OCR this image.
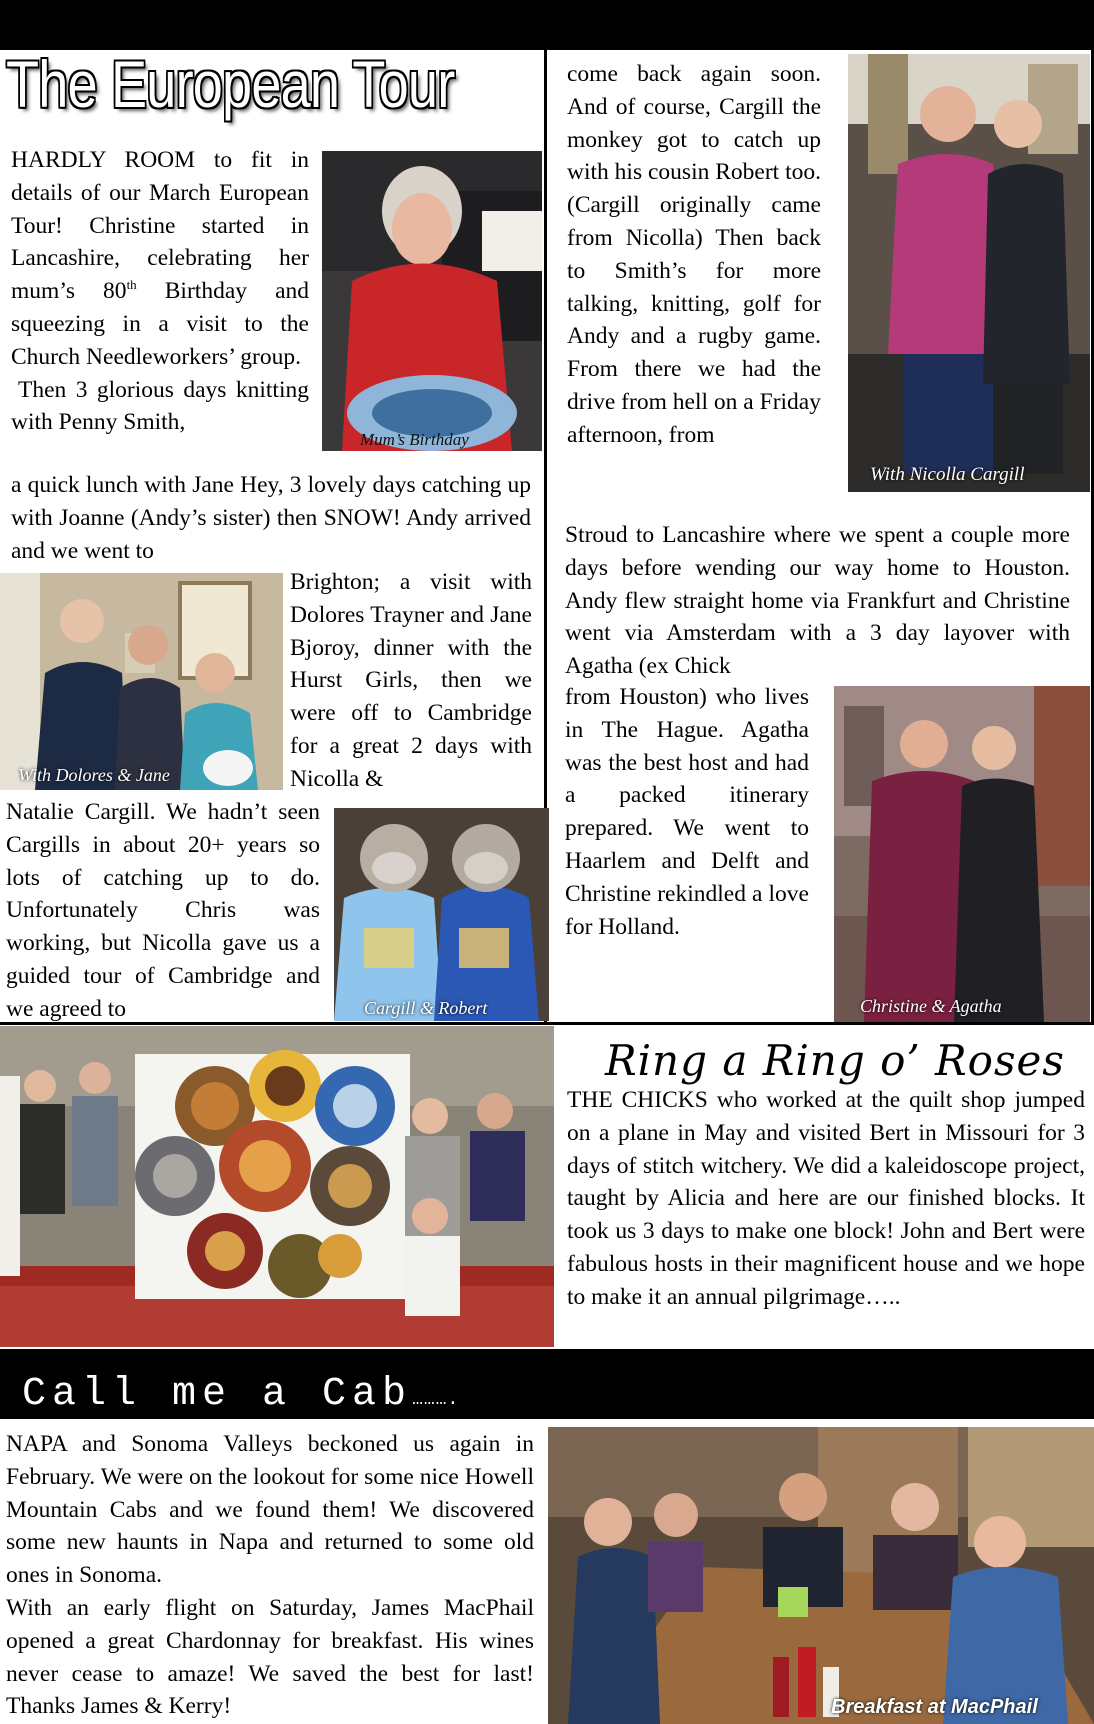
The European Tour

HARDLY ROOM to fit in details of our March European Tour! Christine started in Lancashire, celebrating her mum’s 80th Birthday and squeezing in a visit to the Church Needleworkers’ group.

Then 3 glorious days knitting with Penny Smith,

Mum’s Birthday
a quick lunch with Jane Hey, 3 lovely days catching up with Joanne (Andy’s sister) then SNOW! Andy arrived and we went to
With Dolores & Jane
Brighton; a visit with Dolores Trayner and Jane Bjoroy, dinner with the Hurst Girls, then we were off to Cambridge for a great 2 days with Nicolla &
Natalie Cargill. We hadn’t seen Cargills in about 20+ years so lots of catching up to do. Unfortunately Chris was working, but Nicolla gave us a guided tour of Cambridge and we agreed to	Cargill & Robert
come back again soon. And of course, Cargill the monkey got to catch up with his cousin Robert too. (Cargill originally came from Nicolla) Then back to Smith’s for more talking, knitting, golf for Andy and a rugby game. From there we had the drive from hell on a Friday afternoon, from
With Nicolla Cargill
Stroud to Lancashire where we spent a couple more days before wending our way home to Houston. Andy flew straight home via Frankfurt and Christine went via Amsterdam with a 3 day layover with Agatha (ex Chick
from Houston) who lives in The Hague. Agatha was the best host and had a packed itinerary prepared. We went to Haarlem and Delft and Christine rekindled a love for Holland.
Christine & Agatha
Ring a Ring o’ Roses
THE CHICKS who worked at the quilt shop jumped on a plane in May and visited Bert in Missouri for 3 days of stitch witchery. We did a kaleidoscope project, taught by Alicia and here are our finished blocks. It took us 3 days to make one block! John and Bert were fabulous hosts in their magnificent house and we hope to make it an annual pilgrimage…..
Call me a Cab……….

NAPA and Sonoma Valleys beckoned us again in February. We were on the lookout for some nice Howell Mountain Cabs and we found them! We discovered some new haunts in Napa and returned to some old ones in Sonoma.

With an early flight on Saturday, James MacPhail opened a great Chardonnay for breakfast. His wines never cease to amaze! We saved the best for last! Thanks James & Kerry!	Breakfast at MacPhail
